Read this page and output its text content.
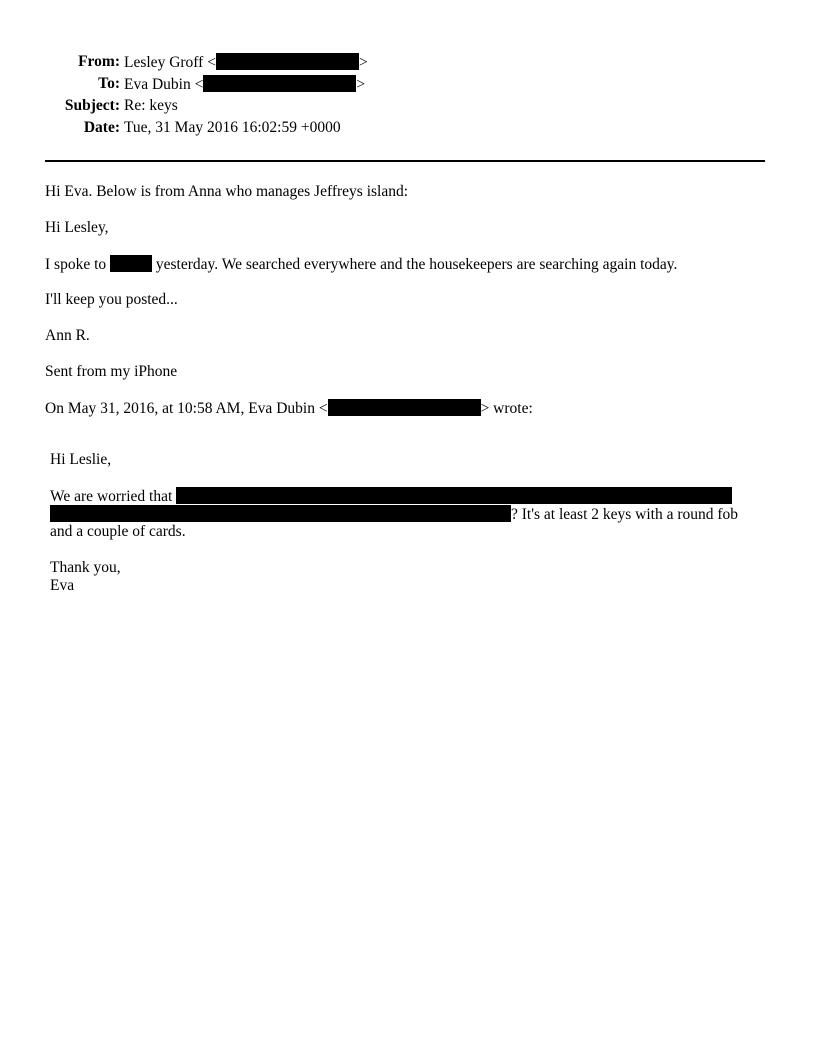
From: Lesley Groff <	>
To: Eva Dubin <	>
Subject: Re: keys
Date: Tue, 31 May 2016 16:02:59 +0000
Hi Eva. Below is from Anna who manages Jeffreys island:
Hi Lesley,
I spoke to	yesterday. We searched everywhere and the housekeepers are searching again today.
I'll keep you posted...
Ann R.
Sent from my iPhone
On May 31, 2016, at 10:58 AM, Eva Dubin <	> wrote:
Hi Leslie,
We are worried that
? It's at least 2 keys with a round fob
and a couple of cards.
Thank you,
Eva
